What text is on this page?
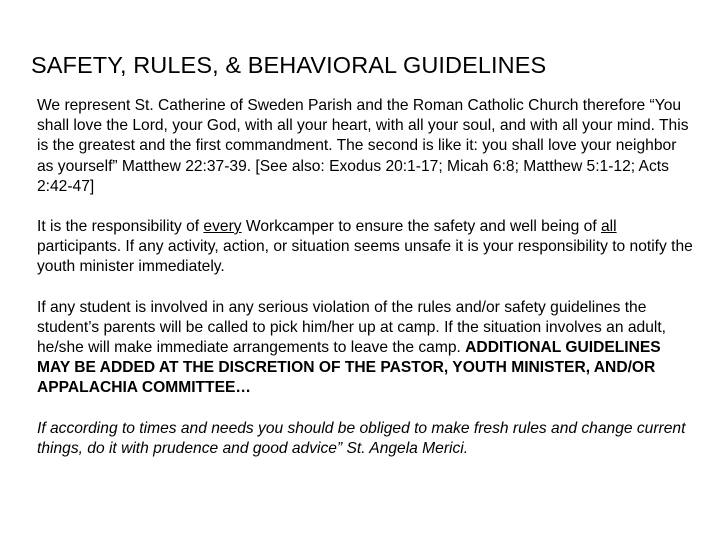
SAFETY, RULES, & BEHAVIORAL GUIDELINES

We represent St. Catherine of Sweden Parish and the Roman Catholic Church therefore “You shall love the Lord, your God, with all your heart, with all your soul, and with all your mind. This is the greatest and the first commandment. The second is like it: you shall love your neighbor as yourself” Matthew 22:37-39. [See also: Exodus 20:1-17; Micah 6:8; Matthew 5:1-12; Acts 2:42-47]

It is the responsibility of every Workcamper to ensure the safety and well being of all participants. If any activity, action, or situation seems unsafe it is your responsibility to notify the youth minister immediately.

If any student is involved in any serious violation of the rules and/or safety guidelines the student’s parents will be called to pick him/her up at camp. If the situation involves an adult, he/she will make immediate arrangements to leave the camp. ADDITIONAL GUIDELINES MAY BE ADDED AT THE DISCRETION OF THE PASTOR, YOUTH MINISTER, AND/OR APPALACHIA COMMITTEE…

If according to times and needs you should be obliged to make fresh rules and change current things, do it with prudence and good advice” St. Angela Merici.
